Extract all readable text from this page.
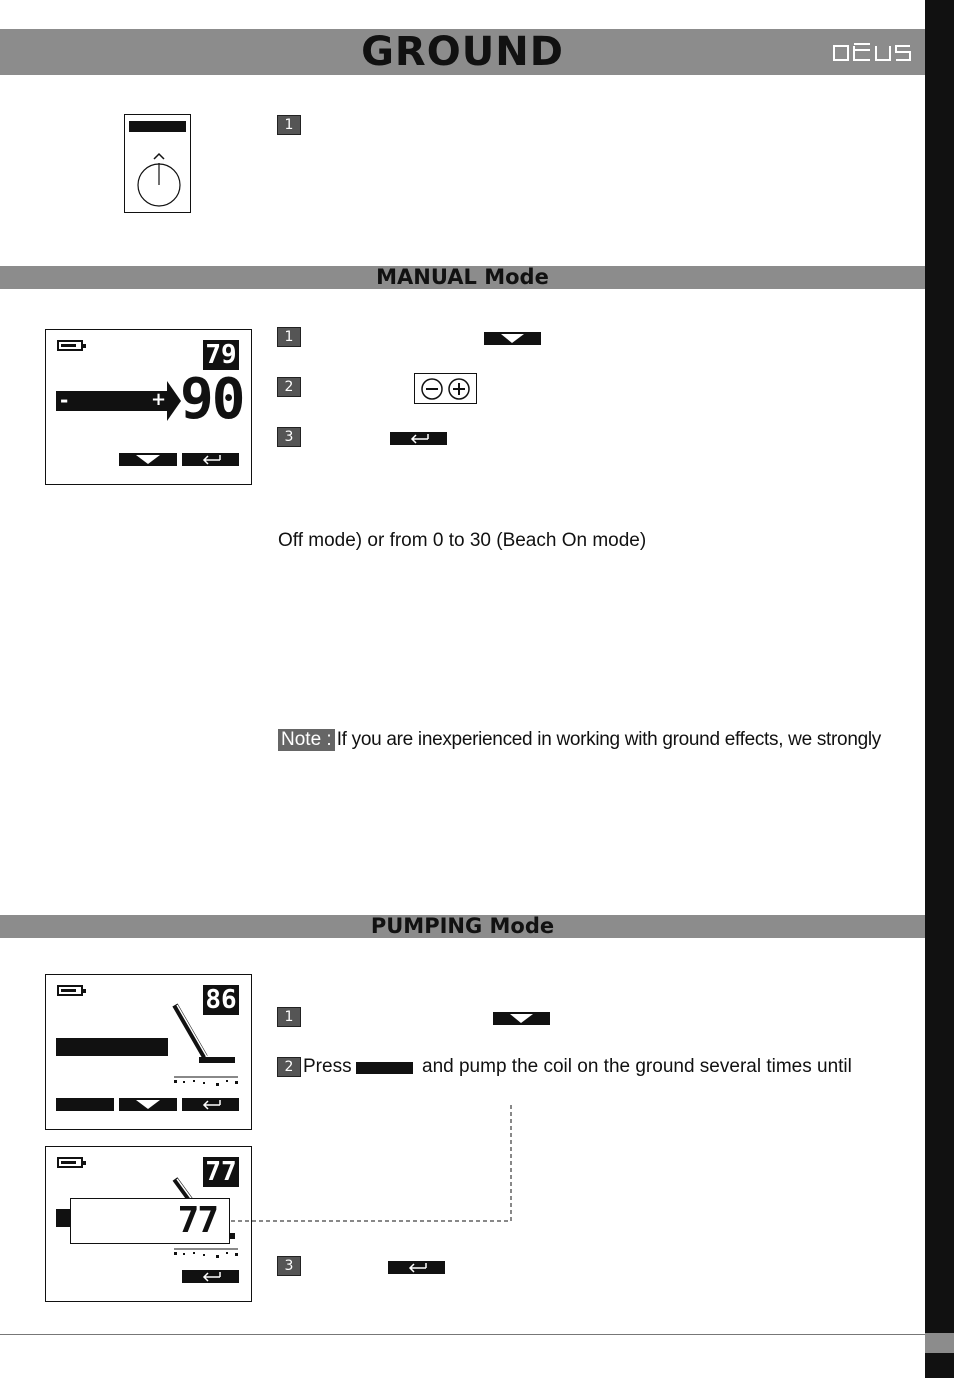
GROUND
1
MANUAL Mode
79
-	+ 90
1
2
3
Off mode) or from 0 to 30 (Beach On mode)
Note : If you are inexperienced in working with ground effects, we strongly
PUMPING Mode
86
77
77
1
2 Press	and pump the coil on the ground several times until
3
